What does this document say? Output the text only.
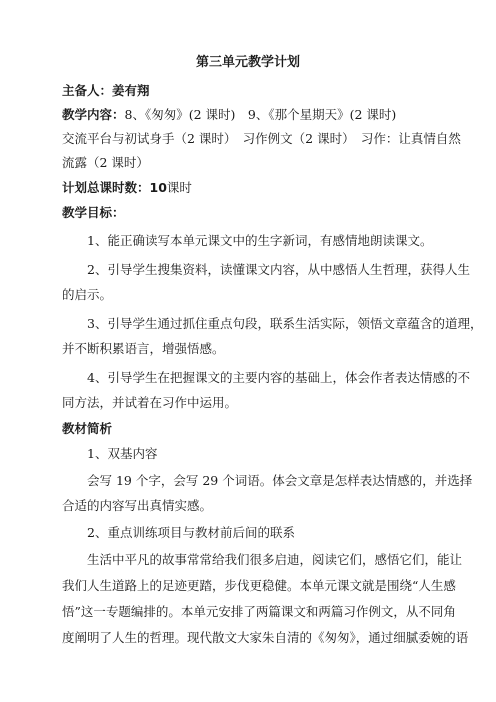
第三单元教学计划
主备人：姜有翔
教学内容：8、《匆匆》(2 课时)　9、《那个星期天》(2 课时)
交流平台与初试身手（2 课时）　习作例文（2 课时）　习作：让真情自然
流露（2 课时）
计划总课时数：10课时
教学目标：
1、能正确读写本单元课文中的生字新词，有感情地朗读课文。
2、引导学生搜集资料，读懂课文内容，从中感悟人生哲理，获得人生
的启示。
3、引导学生通过抓住重点句段，联系生活实际，领悟文章蕴含的道理，
并不断积累语言，增强悟感。
4、引导学生在把握课文的主要内容的基础上，体会作者表达情感的不
同方法，并试着在习作中运用。
教材简析
1、双基内容
会写 19 个字，会写 29 个词语。体会文章是怎样表达情感的，并选择
合适的内容写出真情实感。
2、重点训练项目与教材前后间的联系
生活中平凡的故事常常给我们很多启迪，阅读它们，感悟它们，能让
我们人生道路上的足迹更踏，步伐更稳健。本单元课文就是围绕“人生感
悟”这一专题编排的。本单元安排了两篇课文和两篇习作例文，从不同角
度阐明了人生的哲理。现代散文大家朱自清的《匆匆》，通过细腻委婉的语
